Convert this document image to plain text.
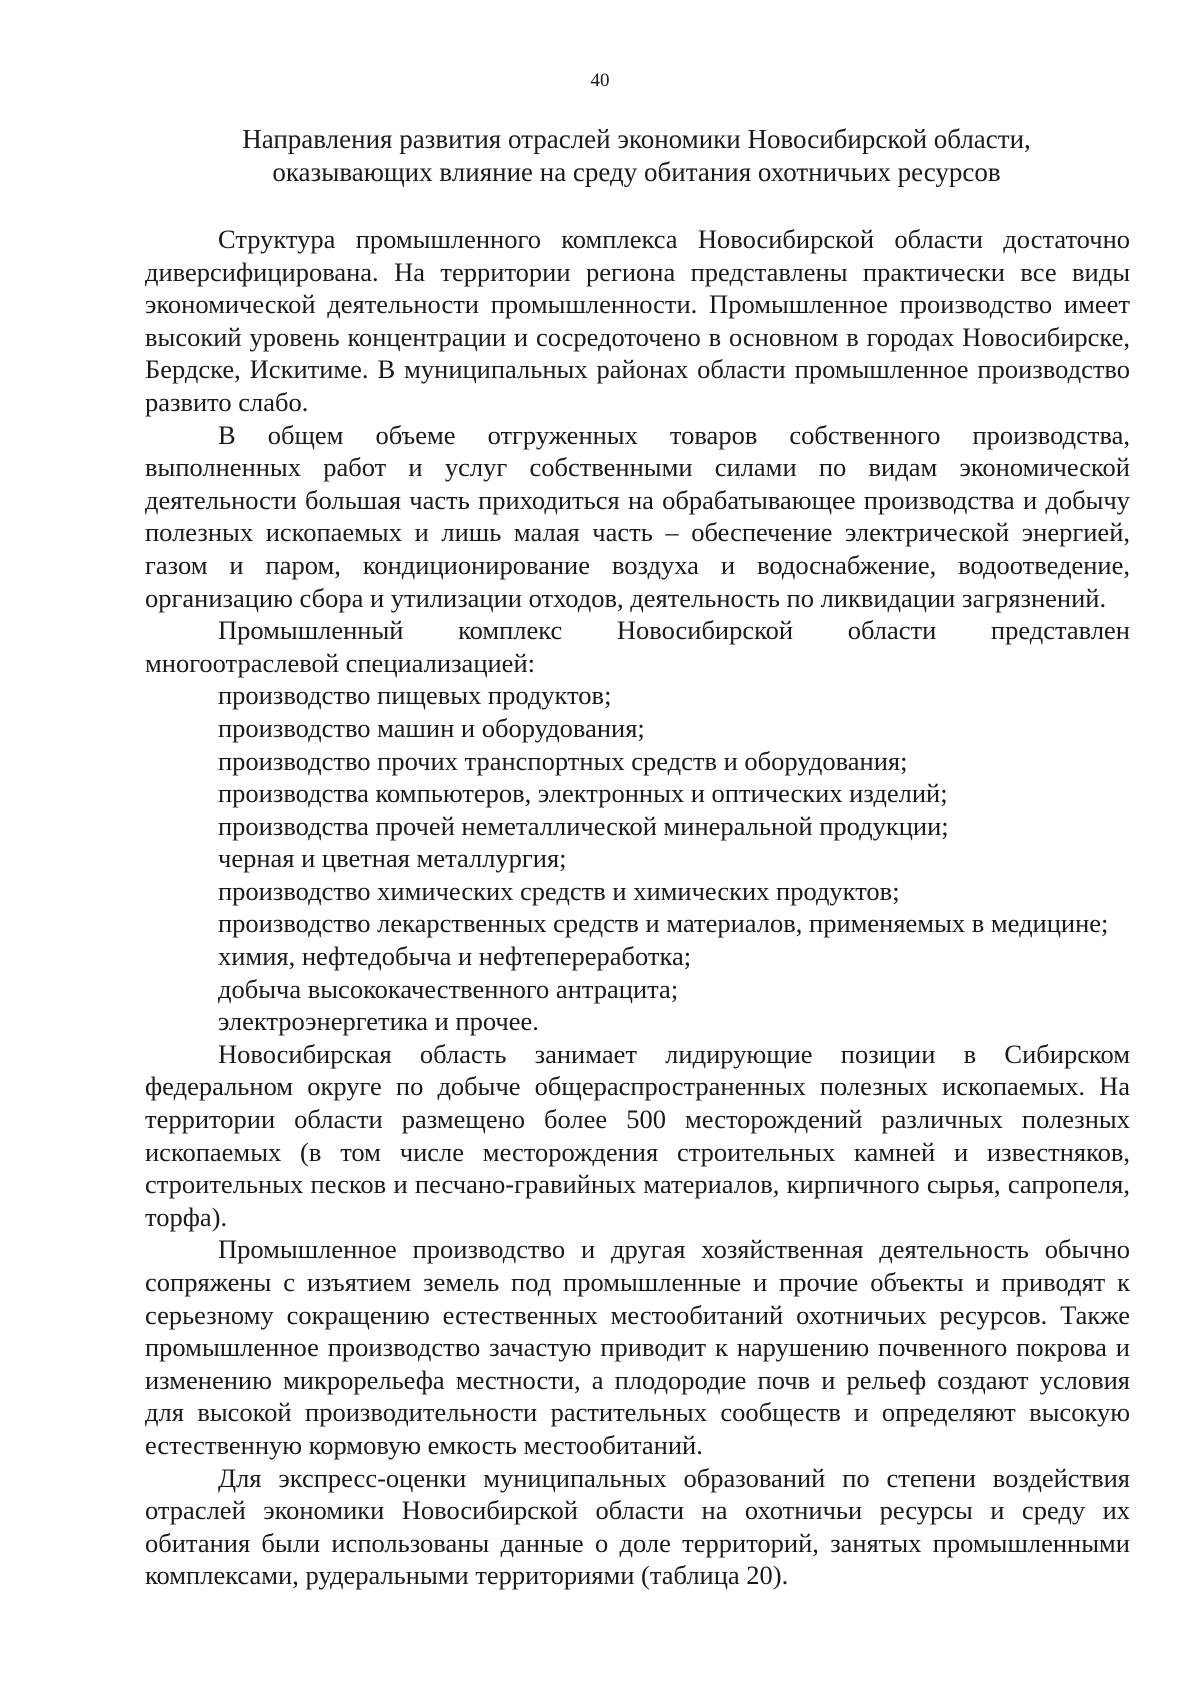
40
Направления развития отраслей экономики Новосибирской области,
оказывающих влияние на среду обитания охотничьих ресурсов

Структура промышленного комплекса Новосибирской области достаточно диверсифицирована. На территории региона представлены практически все виды экономической деятельности промышленности. Промышленное производство имеет высокий уровень концентрации и сосредоточено в основном в городах Новосибирске, Бердске, Искитиме. В муниципальных районах области промышленное производство развито слабо.

В общем объеме отгруженных товаров собственного производства, выполненных работ и услуг собственными силами по видам экономической деятельности большая часть приходиться на обрабатывающее производства и добычу полезных ископаемых и лишь малая часть – обеспечение электрической энергией, газом и паром, кондиционирование воздуха и водоснабжение, водоотведение, организацию сбора и утилизации отходов, деятельность по ликвидации загрязнений.

Промышленный комплекс Новосибирской области представлен многоотраслевой специализацией:

производство пищевых продуктов;
производство машин и оборудования;
производство прочих транспортных средств и оборудования;
производства компьютеров, электронных и оптических изделий;
производства прочей неметаллической минеральной продукции;
черная и цветная металлургия;
производство химических средств и химических продуктов;
производство лекарственных средств и материалов, применяемых в медицине;
химия, нефтедобыча и нефтепереработка;
добыча высококачественного антрацита;
электроэнергетика и прочее.

Новосибирская область занимает лидирующие позиции в Сибирском федеральном округе по добыче общераспространенных полезных ископаемых. На территории области размещено более 500 месторождений различных полезных ископаемых (в том числе месторождения строительных камней и известняков, строительных песков и песчано-гравийных материалов, кирпичного сырья, сапропеля, торфа).

Промышленное производство и другая хозяйственная деятельность обычно сопряжены с изъятием земель под промышленные и прочие объекты и приводят к серьезному сокращению естественных местообитаний охотничьих ресурсов. Также промышленное производство зачастую приводит к нарушению почвенного покрова и изменению микрорельефа местности, а плодородие почв и рельеф создают условия для высокой производительности растительных сообществ и определяют высокую естественную кормовую емкость местообитаний.

Для экспресс-оценки муниципальных образований по степени воздействия отраслей экономики Новосибирской области на охотничьи ресурсы и среду их обитания были использованы данные о доле территорий, занятых промышленными комплексами, рудеральными территориями (таблица 20).
